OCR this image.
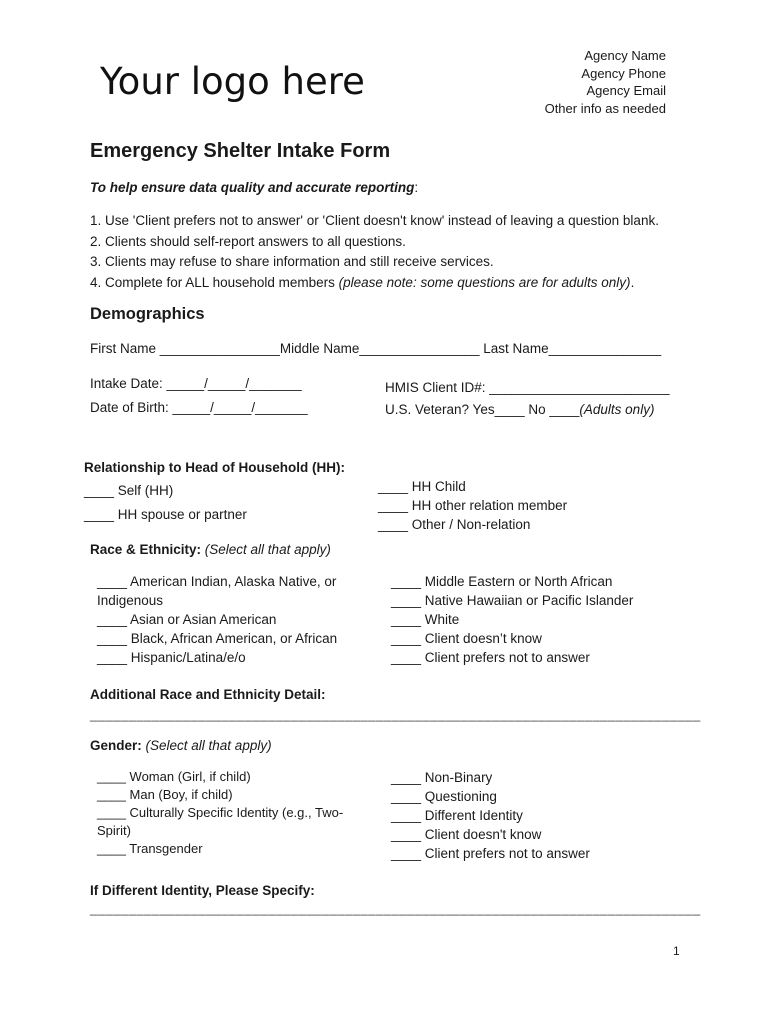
Your logo here
Agency Name
Agency Phone
Agency Email
Other info as needed
Emergency Shelter Intake Form
To help ensure data quality and accurate reporting:
1. Use 'Client prefers not to answer' or 'Client doesn't know' instead of leaving a question blank.
2. Clients should self-report answers to all questions.
3. Clients may refuse to share information and still receive services.
4. Complete for ALL household members (please note: some questions are for adults only).
Demographics
First Name ________________Middle Name________________ Last Name_______________
Intake Date: _____/_____/_______
Date of Birth: _____/_____/_______
HMIS Client ID#: ________________________
U.S. Veteran? Yes____ No ____(Adults only)
Relationship to Head of Household (HH):
____ Self (HH)
____ HH spouse or partner
____ HH Child
____ HH other relation member
____ Other / Non-relation
Race & Ethnicity: (Select all that apply)
____ American Indian, Alaska Native, or
Indigenous
____ Asian or Asian American
____ Black, African American, or African
____ Hispanic/Latina/e/o
____ Middle Eastern or North African
____ Native Hawaiian or Pacific Islander
____ White
____ Client doesn’t know
____ Client prefers not to answer
Additional Race and Ethnicity Detail:
_______________________________________________________________________________
Gender: (Select all that apply)
____ Woman (Girl, if child)
____ Man (Boy, if child)
____ Culturally Specific Identity (e.g., Two-
Spirit)
____ Transgender
____ Non-Binary
____ Questioning
____ Different Identity
____ Client doesn't know
____ Client prefers not to answer
If Different Identity, Please Specify:
_______________________________________________________________________________
1
